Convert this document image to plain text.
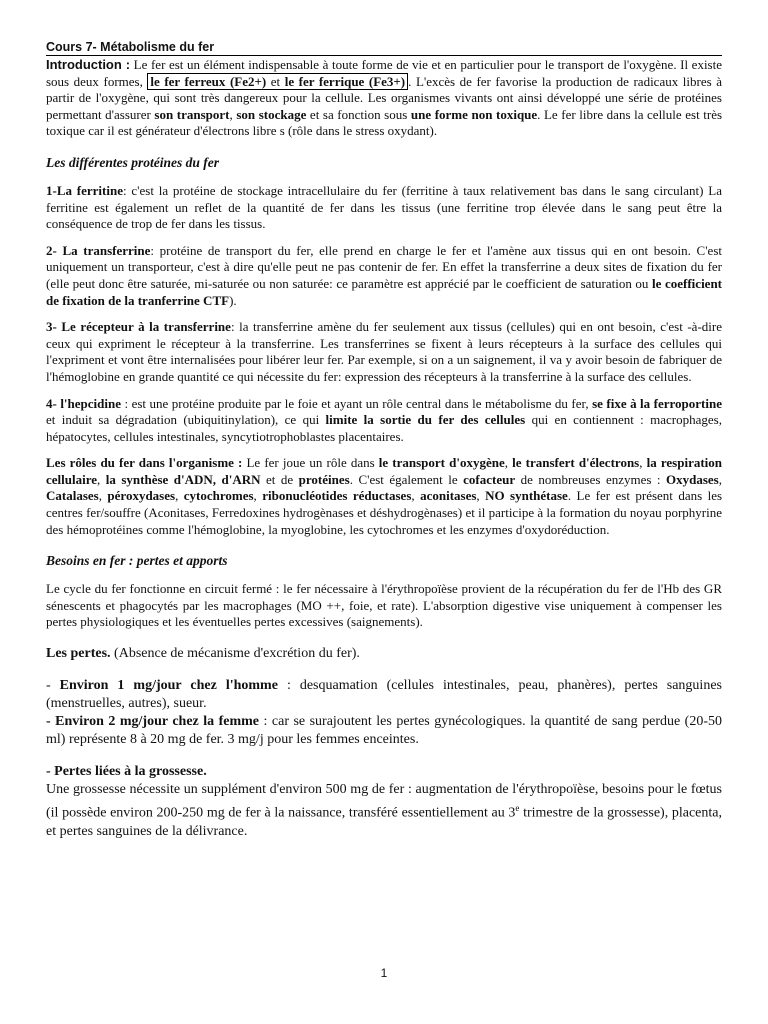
Cours 7- Métabolisme du fer

Introduction : Le fer est un élément indispensable à toute forme de vie et en particulier pour le transport de l'oxygène. Il existe sous deux formes, le fer ferreux (Fe2+) et le fer ferrique (Fe3+) . L'excès de fer favorise la production de radicaux libres à partir de l'oxygène, qui sont très dangereux pour la cellule. Les organismes vivants ont ainsi développé une série de protéines permettant d'assurer son transport, son stockage et sa fonction sous une forme non toxique. Le fer libre dans la cellule est très toxique car il est générateur d'électrons libre s (rôle dans le stress oxydant).

Les différentes protéines du fer

1-La ferritine: c'est la protéine de stockage intracellulaire du fer (ferritine à taux relativement bas dans le sang circulant) La ferritine est également un reflet de la quantité de fer dans les tissus (une ferritine trop élevée dans le sang peut être la conséquence de trop de fer dans les tissus.

2- La transferrine: protéine de transport du fer, elle prend en charge le fer et l'amène aux tissus qui en ont besoin. C'est uniquement un transporteur, c'est à dire qu'elle peut ne pas contenir de fer. En effet la transferrine a deux sites de fixation du fer (elle peut donc être saturée, mi-saturée ou non saturée: ce paramètre est apprécié par le coefficient de saturation ou le coefficient de fixation de la tranferrine CTF).

3- Le récepteur à la transferrine: la transferrine amène du fer seulement aux tissus (cellules) qui en ont besoin, c'est -à-dire ceux qui expriment le récepteur à la transferrine. Les transferrines se fixent à leurs récepteurs à la surface des cellules qui l'expriment et vont être internalisées pour libérer leur fer. Par exemple, si on a un saignement, il va y avoir besoin de fabriquer de l'hémoglobine en grande quantité ce qui nécessite du fer: expression des récepteurs à la transferrine à la surface des cellules.

4- l'hepcidine : est une protéine produite par le foie et ayant un rôle central dans le métabolisme du fer, se fixe à la ferroportine et induit sa dégradation (ubiquitinylation), ce qui limite la sortie du fer des cellules qui en contiennent : macrophages, hépatocytes, cellules intestinales, syncytiotrophoblastes placentaires.

Les rôles du fer dans l'organisme : Le fer joue un rôle dans le transport d'oxygène, le transfert d'électrons, la respiration cellulaire, la synthèse d'ADN, d'ARN et de protéines. C'est également le cofacteur de nombreuses enzymes : Oxydases, Catalases, péroxydases, cytochromes, ribonucléotides réductases, aconitases, NO synthétase. Le fer est présent dans les centres fer/souffre (Aconitases, Ferredoxines hydrogènases et déshydrogènases) et il participe à la formation du noyau porphyrine des hémoprotéines comme l'hémoglobine, la myoglobine, les cytochromes et les enzymes d'oxydoréduction.

Besoins en fer : pertes et apports

Le cycle du fer fonctionne en circuit fermé : le fer nécessaire à l'érythropoïèse provient de la récupération du fer de l'Hb des GR sénescents et phagocytés par les macrophages (MO ++, foie, et rate). L'absorption digestive vise uniquement à compenser les pertes physiologiques et les éventuelles pertes excessives (saignements).

Les pertes. (Absence de mécanisme d'excrétion du fer).

- Environ 1 mg/jour chez l'homme : desquamation (cellules intestinales, peau, phanères), pertes sanguines (menstruelles, autres), sueur.

- Environ 2 mg/jour chez la femme : car se surajoutent les pertes gynécologiques. la quantité de sang perdue (20-50 ml) représente 8 à 20 mg de fer. 3 mg/j pour les femmes enceintes.

- Pertes liées à la grossesse.

Une grossesse nécessite un supplément d'environ 500 mg de fer : augmentation de l'érythropoïèse, besoins pour le fœtus (il possède environ 200-250 mg de fer à la naissance, transféré essentiellement au 3e trimestre de la grossesse), placenta, et pertes sanguines de la délivrance.

1
